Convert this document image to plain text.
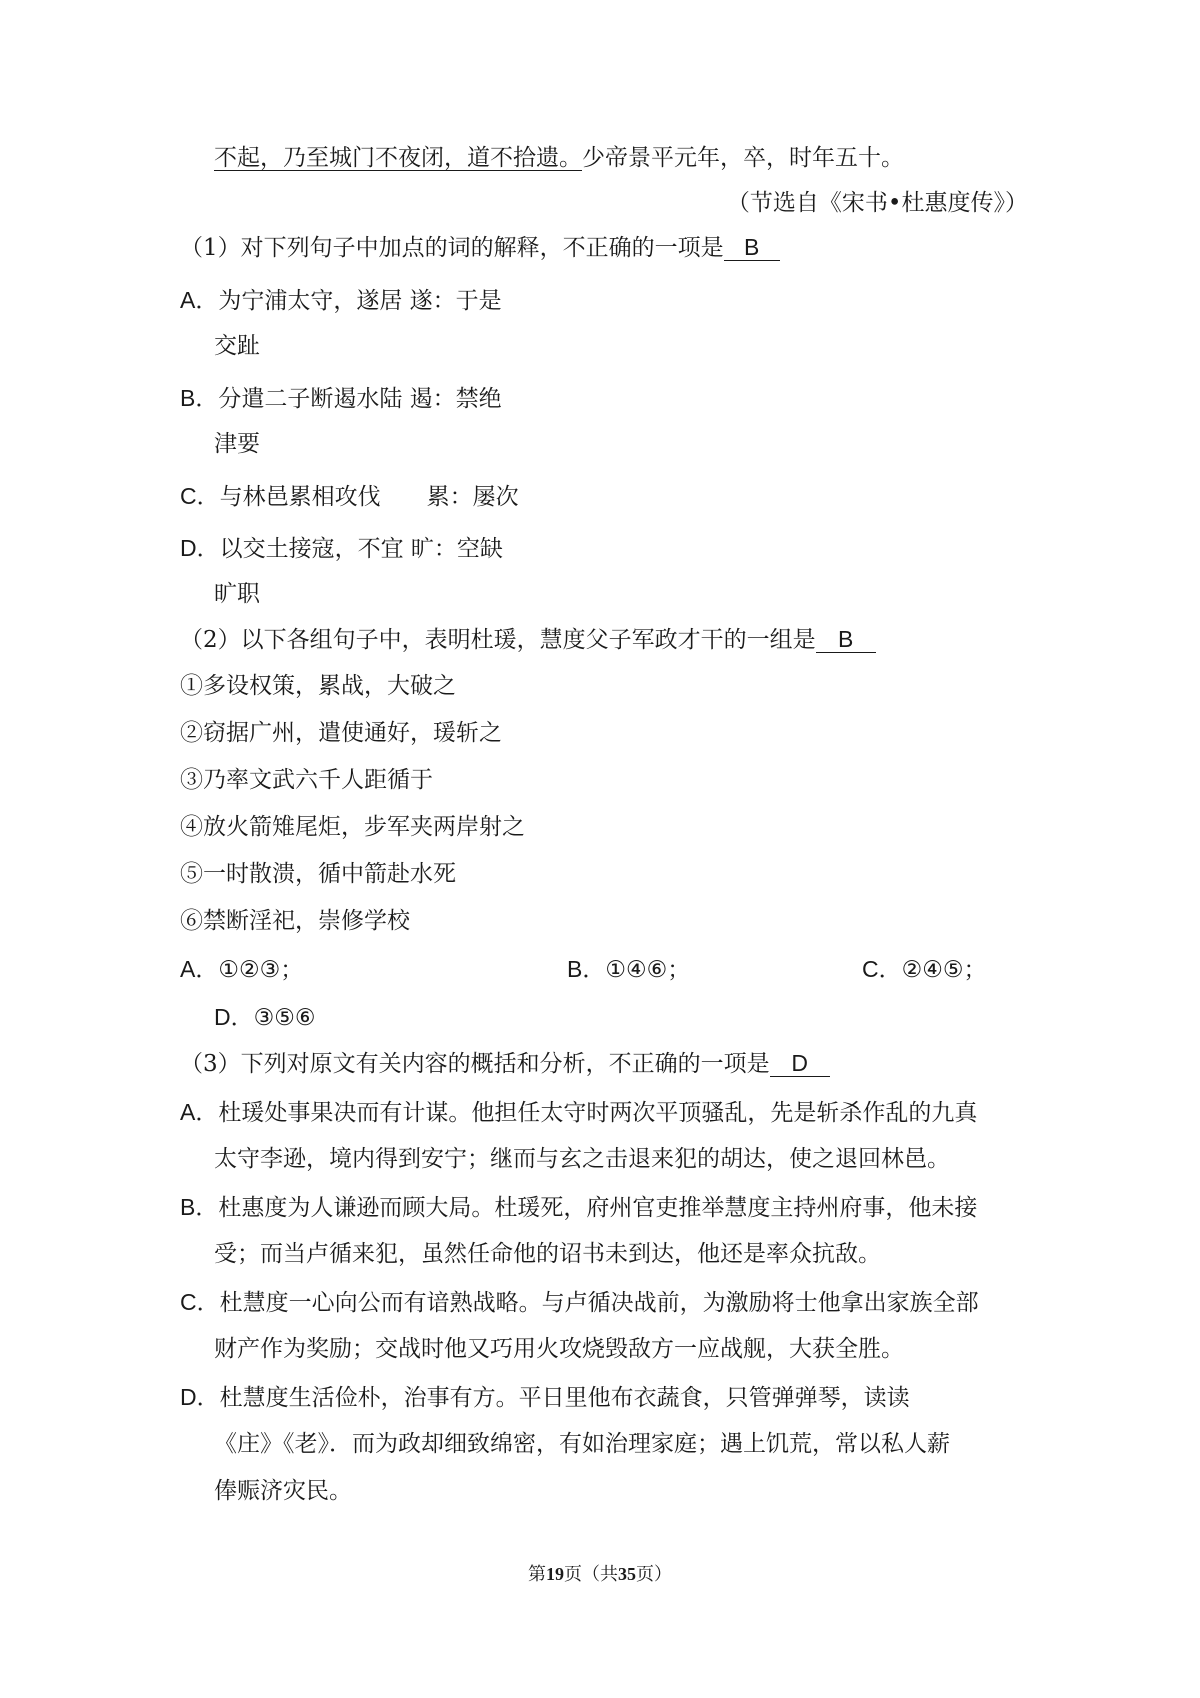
不起，乃至城门不夜闭，道不拾遗。少帝景平元年，卒，时年五十。
（节选自《宋书•杜惠度传》）
（1）对下列句子中加点的词的解释，不正确的一项是 B
A．为宁浦太守，遂居 遂：于是
交趾
B．分遣二子断遏水陆 遏：禁绝
津要
C．与林邑累相攻伐　　累：屡次
D．以交土接寇，不宜 旷：空缺
旷职
（2）以下各组句子中，表明杜瑗，慧度父子军政才干的一组是 B
①多设权策，累战，大破之
②窃据广州，遣使通好，瑗斩之
③乃率文武六千人距循于
④放火箭雉尾炬，步军夹两岸射之
⑤一时散溃，循中箭赴水死
⑥禁断淫祀，崇修学校
A．①②③；	B．①④⑥；	C．②④⑤；
D．③⑤⑥
（3）下列对原文有关内容的概括和分析，不正确的一项是 D
A．杜瑗处事果决而有计谋。他担任太守时两次平顶骚乱，先是斩杀作乱的九真
太守李逊，境内得到安宁；继而与玄之击退来犯的胡达，使之退回林邑。
B．杜惠度为人谦逊而顾大局。杜瑗死，府州官吏推举慧度主持州府事，他未接
受；而当卢循来犯，虽然任命他的诏书未到达，他还是率众抗敌。
C．杜慧度一心向公而有谙熟战略。与卢循决战前，为激励将士他拿出家族全部
财产作为奖励；交战时他又巧用火攻烧毁敌方一应战舰，大获全胜。
D．杜慧度生活俭朴，治事有方。平日里他布衣蔬食，只管弹弹琴，读读
《庄》《老》．而为政却细致绵密，有如治理家庭；遇上饥荒，常以私人薪
俸赈济灾民。
第19页（共35页）
